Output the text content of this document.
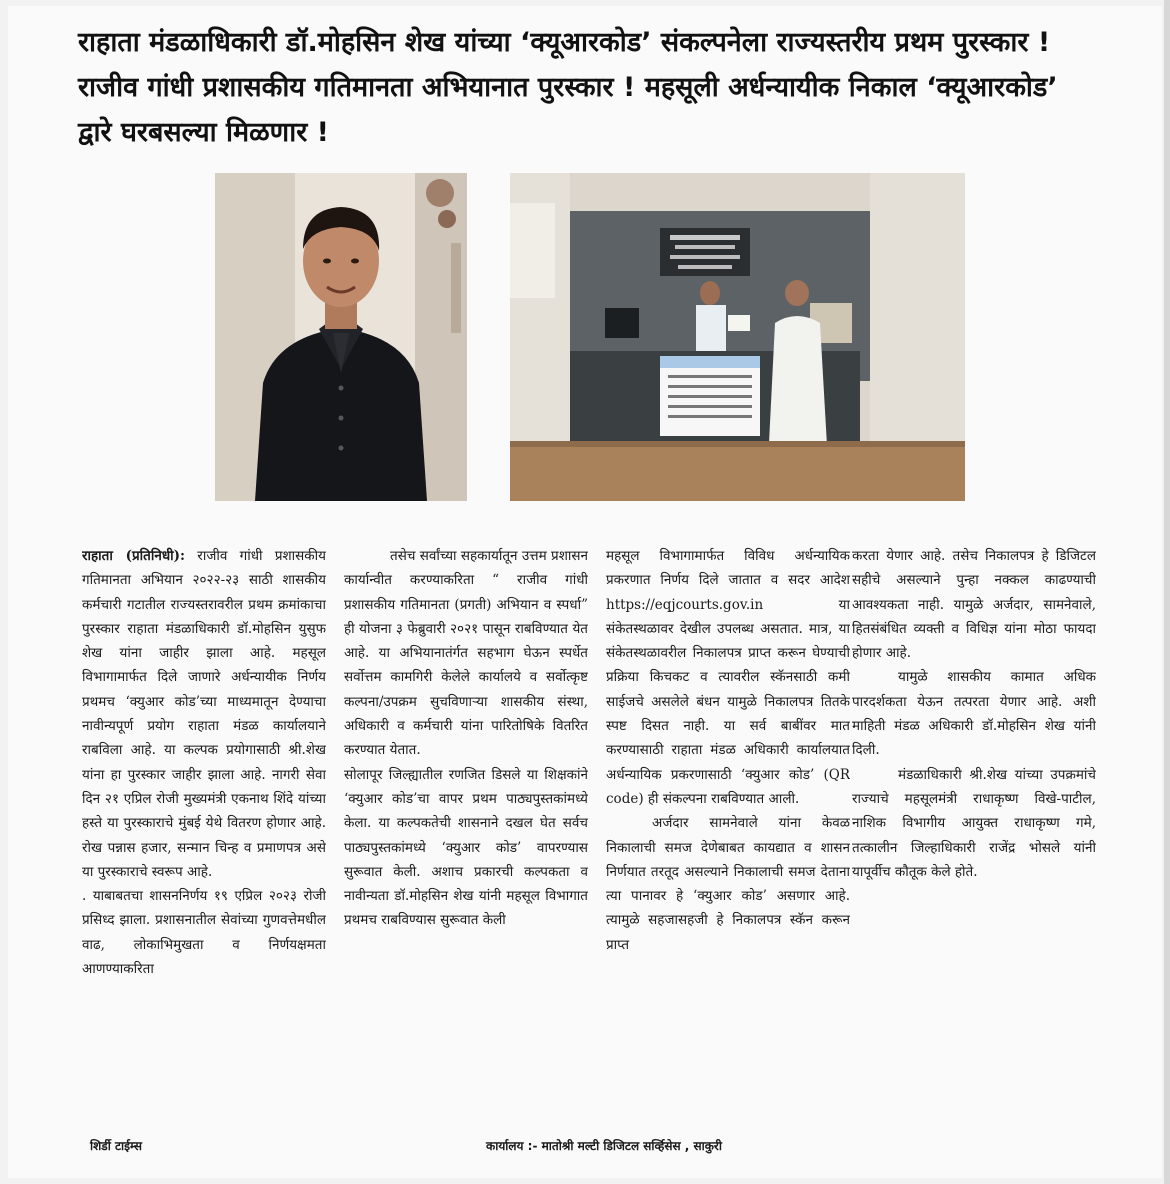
राहाता मंडळाधिकारी डॉ.मोहसिन शेख यांच्या ‘क्यूआरकोड’ संकल्पनेला राज्यस्तरीय प्रथम पुरस्कार ! राजीव गांधी प्रशासकीय गतिमानता अभियानात पुरस्कार ! महसूली अर्धन्यायीक निकाल ‘क्यूआरकोड’ द्वारे घरबसल्या मिळणार !

राहाता (प्रतिनिधी): राजीव गांधी प्रशासकीय गतिमानता अभियान २०२२-२३ साठी शासकीय कर्मचारी गटातील राज्यस्तरावरील प्रथम क्रमांकाचा पुरस्कार राहाता मंडळाधिकारी डॉ.मोहसिन युसुफ शेख यांना जाहीर झाला आहे. महसूल विभागामार्फत दिले जाणारे अर्धन्यायीक निर्णय प्रथमच ‘क्युआर कोड’च्या माध्यमातून देण्याचा नावीन्यपूर्ण प्रयोग राहाता मंडळ कार्यालयाने राबविला आहे. या कल्पक प्रयोगासाठी श्री.शेख यांना हा पुरस्कार जाहीर झाला आहे. नागरी सेवा दिन २१ एप्रिल रोजी मुख्यमंत्री एकनाथ शिंदे यांच्या हस्ते या पुरस्काराचे मुंबई येथे वितरण होणार आहे. रोख पन्नास हजार, सन्मान चिन्ह व प्रमाणपत्र असे या पुरस्काराचे स्वरूप आहे.

. याबाबतचा शासननिर्णय १९ एप्रिल २०२३ रोजी प्रसिध्द झाला. प्रशासनातील सेवांच्या गुणवत्तेमधील वाढ, लोकाभिमुखता व निर्णयक्षमता आणण्याकरिता

तसेच सर्वांच्या सहकार्यातून उत्तम प्रशासन कार्यान्वीत करण्याकरिता “ राजीव गांधी प्रशासकीय गतिमानता (प्रगती) अभियान व स्पर्धा” ही योजना ३ फेब्रुवारी २०२१ पासून राबविण्यात येत आहे. या अभियानातंर्गत सहभाग घेऊन स्पर्धेत सर्वोत्तम कामगिरी केलेले कार्यालये व सर्वोत्कृष्ट कल्पना/उपक्रम सुचविणाऱ्या शासकीय संस्था, अधिकारी व कर्मचारी यांना पारितोषिके वितरित करण्यात येतात.

सोलापूर जिल्ह्यातील रणजित डिसले या शिक्षकांने ‘क्युआर कोड’चा वापर प्रथम पाठ्यपुस्तकांमध्ये केला. या कल्पकतेची शासनाने दखल घेत सर्वच पाठ्यपुस्तकांमध्ये ‘क्युआर कोड’ वापरण्यास सुरूवात केली. अशाच प्रकारची कल्पकता व नावीन्यता डॉ.मोहसिन शेख यांनी महसूल विभागात प्रथमच राबविण्यास सुरूवात केली

महसूल विभागामार्फत विविध अर्धन्यायिक प्रकरणात निर्णय दिले जातात व सदर आदेश https://eqjcourts.gov.in या संकेतस्थळावर देखील उपलब्ध असतात. मात्र, या संकेतस्थळावरील निकालपत्र प्राप्त करून घेण्याची प्रक्रिया किचकट व त्यावरील स्कॅनसाठी कमी साईजचे असलेले बंधन यामुळे निकालपत्र तितके स्पष्ट दिसत नाही. या सर्व बाबींवर मात करण्यासाठी राहाता मंडळ अधिकारी कार्यालयात अर्धन्यायिक प्रकरणासाठी ‘क्युआर कोड’ (QR code) ही संकल्पना राबविण्यात आली.

अर्जदार सामनेवाले यांना केवळ निकालाची समज देणेबाबत कायद्यात व शासन निर्णयात तरतूद असल्याने निकालाची समज देताना त्या पानावर हे ‘क्युआर कोड’ असणार आहे. त्यामुळे सहजासहजी हे निकालपत्र स्कॅन करून प्राप्त

करता येणार आहे. तसेच निकालपत्र हे डिजिटल सहीचे असल्याने पुन्हा नक्कल काढण्याची आवश्यकता नाही. यामुळे अर्जदार, सामनेवाले, हितसंबंधित व्यक्ती व विधिज्ञ यांना मोठा फायदा होणार आहे.

यामुळे शासकीय कामात अधिक पारदर्शकता येऊन तत्परता येणार आहे. अशी माहिती मंडळ अधिकारी डॉ.मोहसिन शेख यांनी दिली.

मंडळाधिकारी श्री.शेख यांच्या उपक्रमांचे राज्याचे महसूलमंत्री राधाकृष्ण विखे-पाटील, नाशिक विभागीय आयुक्त राधाकृष्ण गमे, तत्कालीन जिल्हाधिकारी राजेंद्र भोसले यांनी यापूर्वीच कौतूक केले होते.

शिर्डी टाईम्स	कार्यालय :- मातोश्री मल्टी डिजिटल सर्व्हिसेस , साकुरी
